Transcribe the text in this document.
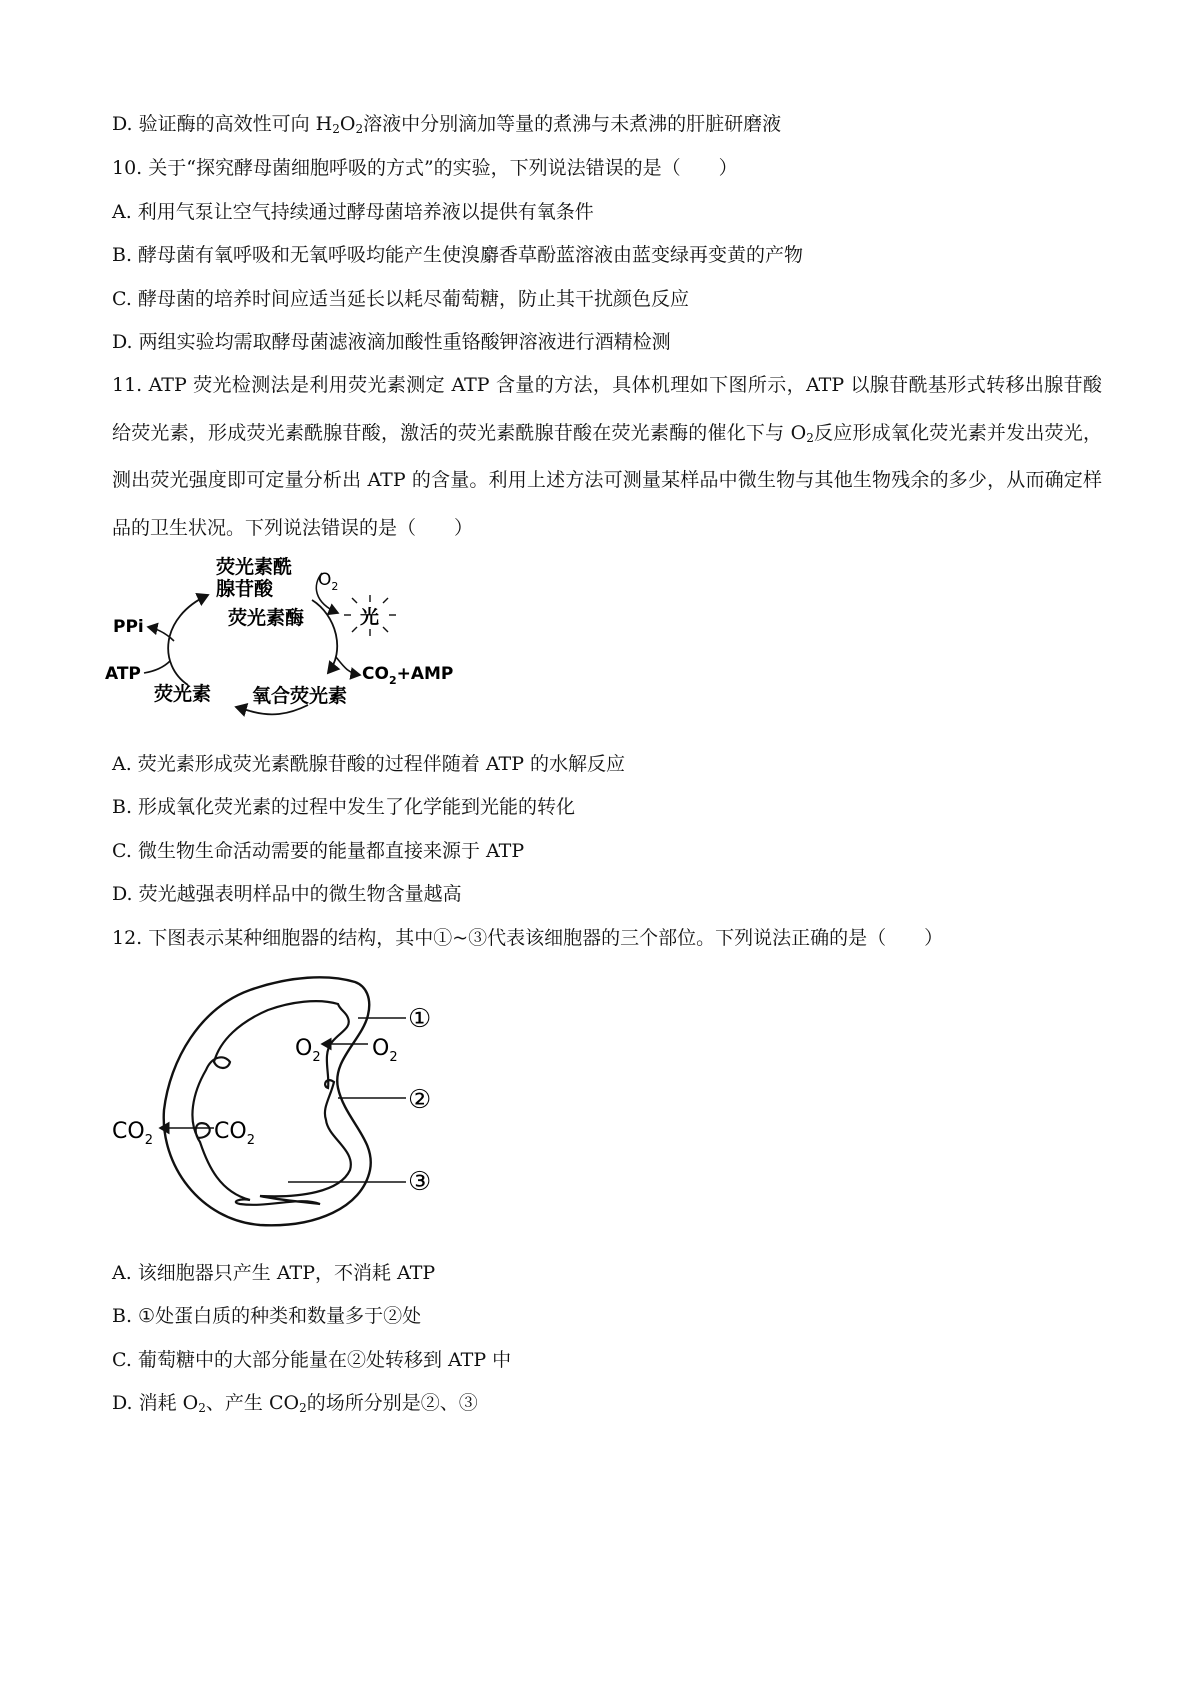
D. 验证酶的高效性可向 $H_2O_2$溶液中分别滴加等量的煮沸与未煮沸的肝脏研磨液
10. 关于“探究酵母菌细胞呼吸的方式”的实验，下列说法错误的是（　　）
A. 利用气泵让空气持续通过酵母菌培养液以提供有氧条件
B. 酵母菌有氧呼吸和无氧呼吸均能产生使溴麝香草酚蓝溶液由蓝变绿再变黄的产物
C. 酵母菌的培养时间应适当延长以耗尽葡萄糖，防止其干扰颜色反应
D. 两组实验均需取酵母菌滤液滴加酸性重铬酸钾溶液进行酒精检测
11. ATP 荧光检测法是利用荧光素测定 ATP 含量的方法，具体机理如下图所示，ATP 以腺苷酰基形式转移出腺苷酸给荧光素，形成荧光素酰腺苷酸，激活的荧光素酰腺苷酸在荧光素酶的催化下与 $O_2$反应形成氧化荧光素并发出荧光，测出荧光强度即可定量分析出 ATP 的含量。利用上述方法可测量某样品中微生物与其他生物残余的多少，从而确定样品的卫生状况。下列说法错误的是（　　）
荧光素酰
腺苷酸
荧光素酶
$O_2$
光
PPi
ATP	$CO_2+AMP$
荧光素 氧合荧光素
A. 荧光素形成荧光素酰腺苷酸的过程伴随着 ATP 的水解反应
B. 形成氧化荧光素的过程中发生了化学能到光能的转化
C. 微生物生命活动需要的能量都直接来源于 ATP
D. 荧光越强表明样品中的微生物含量越高
12. 下图表示某种细胞器的结构，其中①~③代表该细胞器的三个部位。下列说法正确的是（　　）
$O_2$ $O_2$
$CO_2$	$CO_2$
①
②
③
A. 该细胞器只产生 ATP，不消耗 ATP
B. ①处蛋白质的种类和数量多于②处
C. 葡萄糖中的大部分能量在②处转移到 ATP 中
D. 消耗 $O_2$、产生 $CO_2$的场所分别是②、③
